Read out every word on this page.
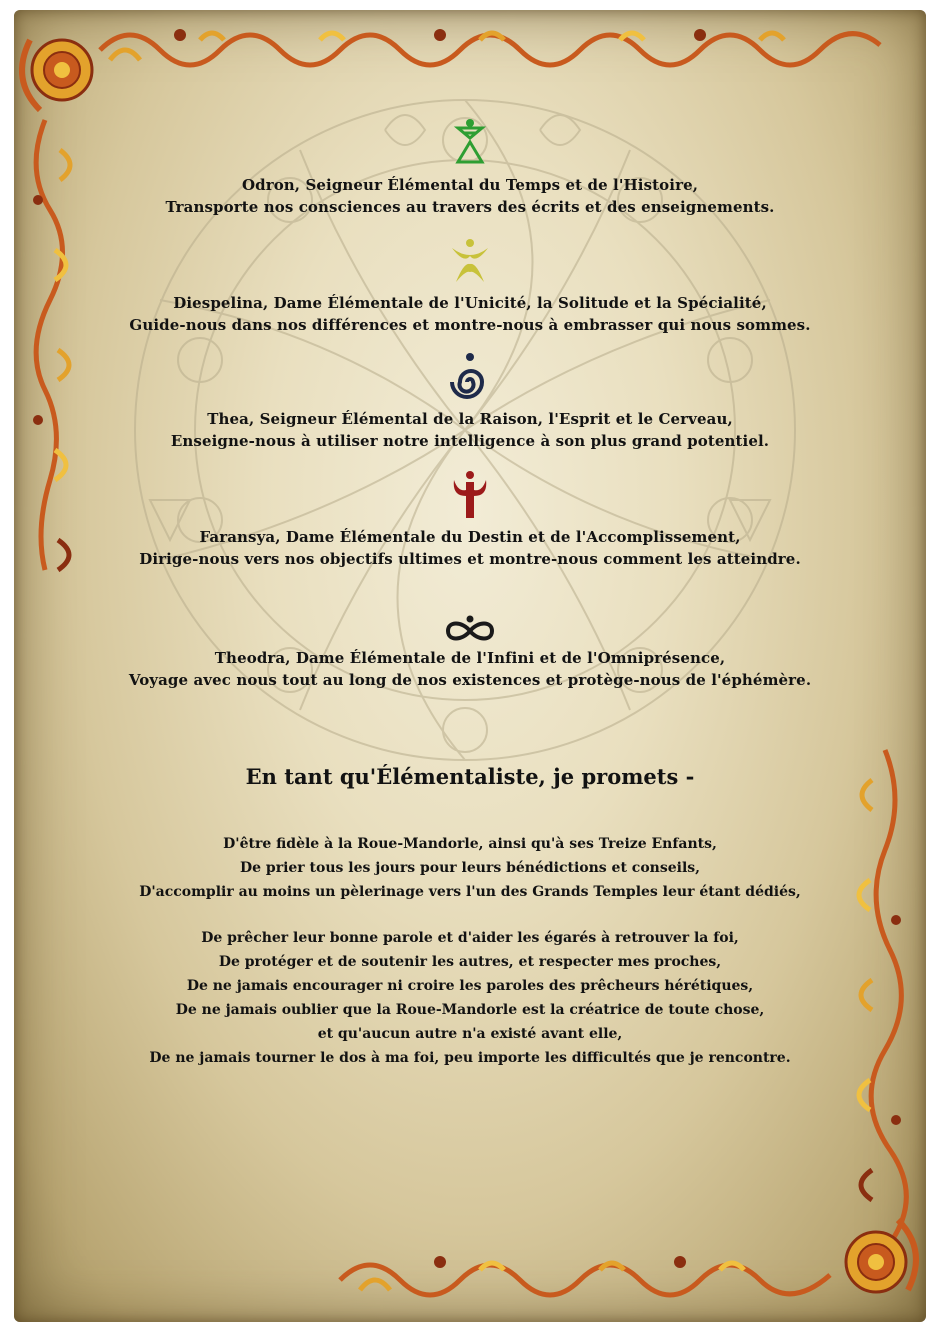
Odron, Seigneur Élémental du Temps et de l'Histoire,
Transporte nos consciences au travers des écrits et des enseignements.
Diespelina, Dame Élémentale de l'Unicité, la Solitude et la Spécialité,
Guide-nous dans nos différences et montre-nous à embrasser qui nous sommes.
Thea, Seigneur Élémental de la Raison, l'Esprit et le Cerveau,
Enseigne-nous à utiliser notre intelligence à son plus grand potentiel.
Faransya, Dame Élémentale du Destin et de l'Accomplissement,
Dirige-nous vers nos objectifs ultimes et montre-nous comment les atteindre.
Theodra, Dame Élémentale de l'Infini et de l'Omniprésence,
Voyage avec nous tout au long de nos existences et protège-nous de l'éphémère.
En tant qu'Élémentaliste, je promets -
D'être fidèle à la Roue-Mandorle, ainsi qu'à ses Treize Enfants,
De prier tous les jours pour leurs bénédictions et conseils,
D'accomplir au moins un pèlerinage vers l'un des Grands Temples leur étant dédiés,
De prêcher leur bonne parole et d'aider les égarés à retrouver la foi,
De protéger et de soutenir les autres, et respecter mes proches,
De ne jamais encourager ni croire les paroles des prêcheurs hérétiques,
De ne jamais oublier que la Roue-Mandorle est la créatrice de toute chose,
et qu'aucun autre n'a existé avant elle,
De ne jamais tourner le dos à ma foi, peu importe les difficultés que je rencontre.
